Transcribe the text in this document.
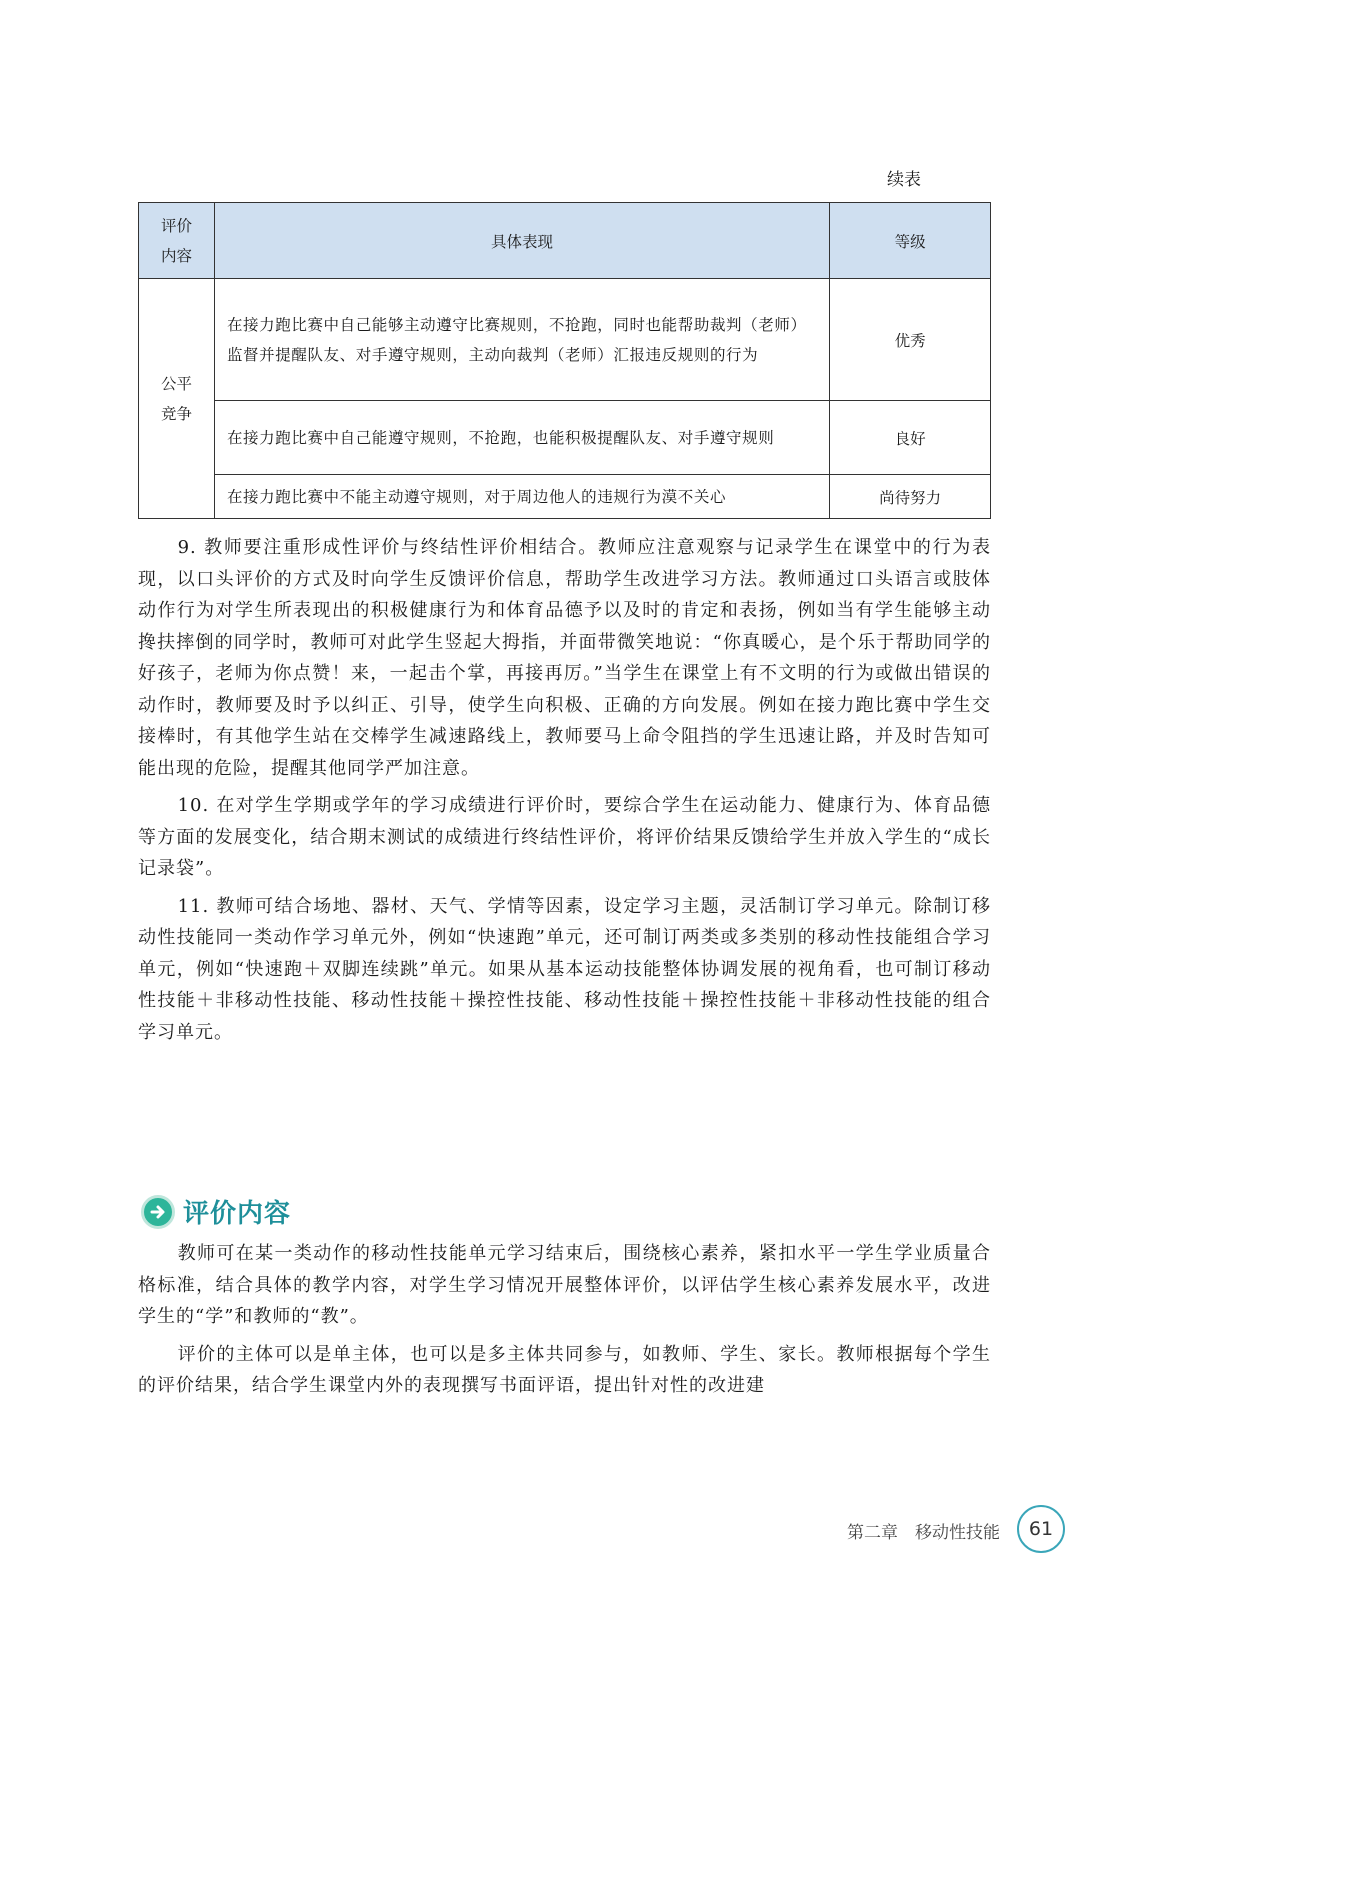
续表
评价内容	具体表现	等级
公平竞争	在接力跑比赛中自己能够主动遵守比赛规则，不抢跑，同时也能帮助裁判（老师）监督并提醒队友、对手遵守规则，主动向裁判（老师）汇报违反规则的行为	优秀
	在接力跑比赛中自己能遵守规则，不抢跑，也能积极提醒队友、对手遵守规则	良好
	在接力跑比赛中不能主动遵守规则，对于周边他人的违规行为漠不关心	尚待努力

9. 教师要注重形成性评价与终结性评价相结合。教师应注意观察与记录学生在课堂中的行为表现，以口头评价的方式及时向学生反馈评价信息，帮助学生改进学习方法。教师通过口头语言或肢体动作行为对学生所表现出的积极健康行为和体育品德予以及时的肯定和表扬，例如当有学生能够主动搀扶摔倒的同学时，教师可对此学生竖起大拇指，并面带微笑地说：“你真暖心，是个乐于帮助同学的好孩子，老师为你点赞！来，一起击个掌，再接再厉。”当学生在课堂上有不文明的行为或做出错误的动作时，教师要及时予以纠正、引导，使学生向积极、正确的方向发展。例如在接力跑比赛中学生交接棒时，有其他学生站在交棒学生减速路线上，教师要马上命令阻挡的学生迅速让路，并及时告知可能出现的危险，提醒其他同学严加注意。

10. 在对学生学期或学年的学习成绩进行评价时，要综合学生在运动能力、健康行为、体育品德等方面的发展变化，结合期末测试的成绩进行终结性评价，将评价结果反馈给学生并放入学生的“成长记录袋”。

11. 教师可结合场地、器材、天气、学情等因素，设定学习主题，灵活制订学习单元。除制订移动性技能同一类动作学习单元外，例如“快速跑”单元，还可制订两类或多类别的移动性技能组合学习单元，例如“快速跑＋双脚连续跳”单元。如果从基本运动技能整体协调发展的视角看，也可制订移动性技能＋非移动性技能、移动性技能＋操控性技能、移动性技能＋操控性技能＋非移动性技能的组合学习单元。

评价内容

教师可在某一类动作的移动性技能单元学习结束后，围绕核心素养，紧扣水平一学生学业质量合格标准，结合具体的教学内容，对学生学习情况开展整体评价，以评估学生核心素养发展水平，改进学生的“学”和教师的“教”。

评价的主体可以是单主体，也可以是多主体共同参与，如教师、学生、家长。教师根据每个学生的评价结果，结合学生课堂内外的表现撰写书面评语，提出针对性的改进建

第二章　移动性技能	61
